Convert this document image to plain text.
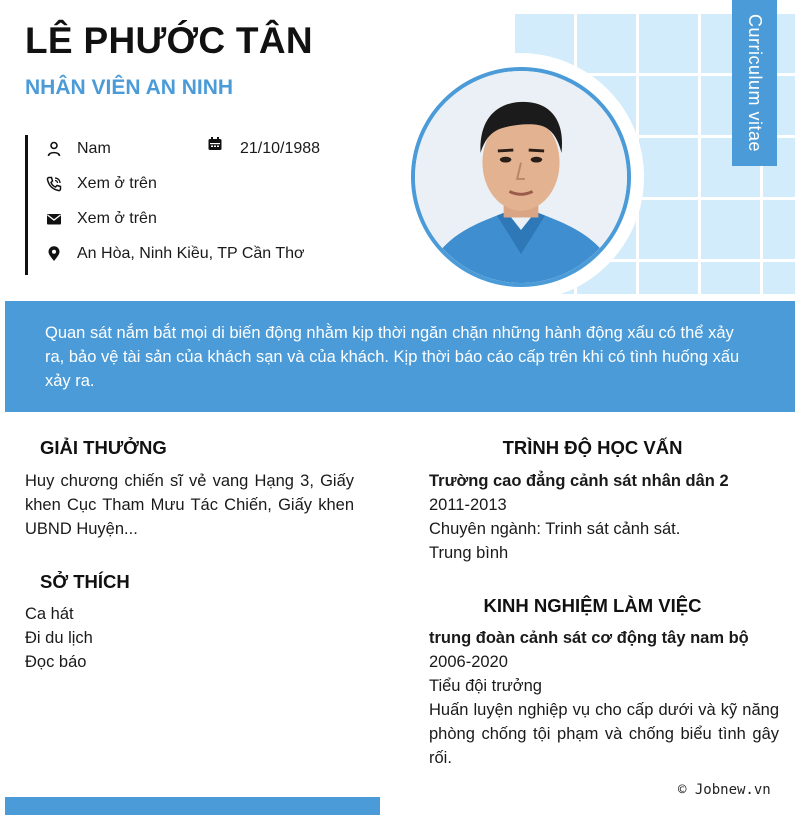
Curriculum vitae
LÊ PHƯỚC TÂN
NHÂN VIÊN AN NINH
Nam	21/10/1988
Xem ở trên
Xem ở trên
An Hòa, Ninh Kiều, TP Cần Thơ

Quan sát nắm bắt mọi di biến động nhằm kịp thời ngăn chặn những hành động xấu có thể xảy ra, bảo vệ tài sản của khách sạn và của khách. Kịp thời báo cáo cấp trên khi có tình huống xấu xảy ra.

GIẢI THƯỞNG
Huy chương chiến sĩ vẻ vang Hạng 3, Giấy khen Cục Tham Mưu Tác Chiến, Giấy khen UBND Huyện...
SỞ THÍCH
Ca hát
Đi du lịch
Đọc báo
TRÌNH ĐỘ HỌC VẤN
Trường cao đẳng cảnh sát nhân dân 2
2011-2013
Chuyên ngành: Trinh sát cảnh sát.
Trung bình
KINH NGHIỆM LÀM VIỆC
trung đoàn cảnh sát cơ động tây nam bộ
2006-2020
Tiểu đội trưởng
Huấn luyện nghiệp vụ cho cấp dưới và kỹ năng phòng chống tội phạm và chống biểu tình gây rối.
© Jobnew.vn
